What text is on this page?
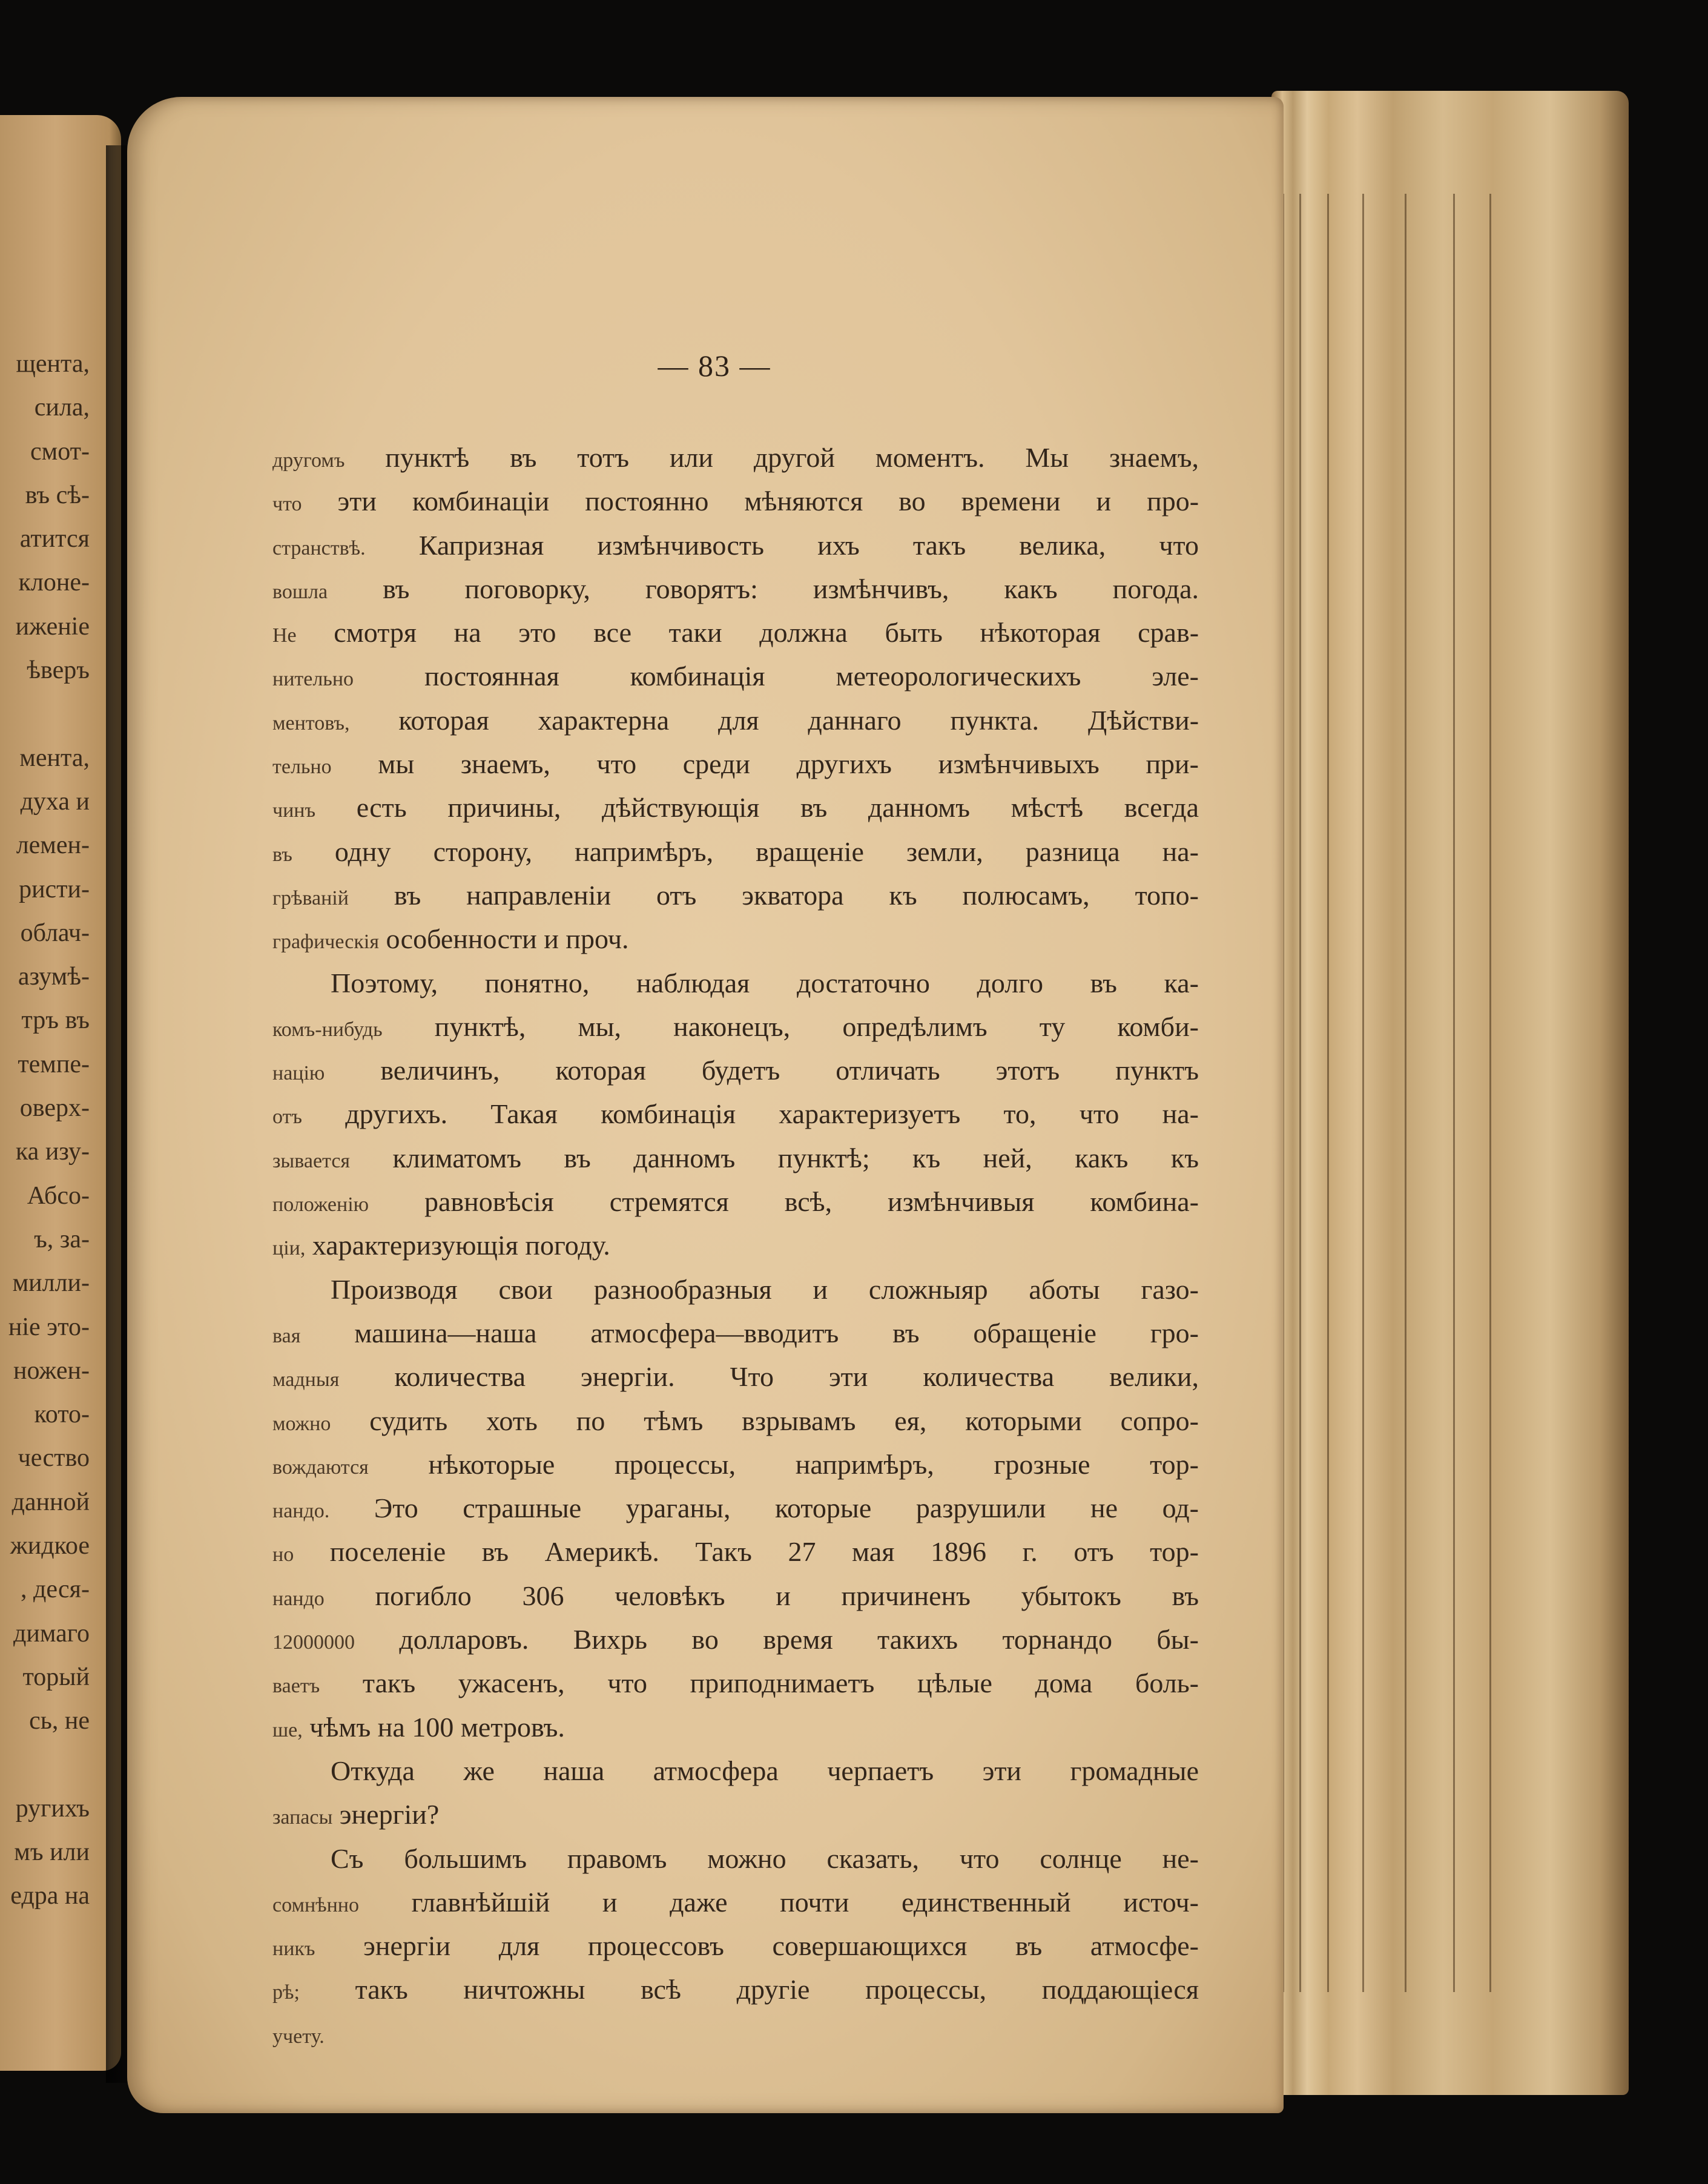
щента,
сила,
смот-
въ сѣ-
атится
клоне-
иженіе
ѣверъ
мента,
духа и
лемен-
ристи-
облач-
азумѣ-
тръ въ
темпе-
оверх-
ка изу-
Абсо-
ъ, за-
милли-
ніе это-
ножен-
кото-
чество
данной
жидкое
, деся-
димаго
торый
сь, не
ругихъ
мъ или
едра на
— 83 —
другомъ пунктѣ въ тотъ или другой моментъ. Мы знаемъ,
что эти комбинаціи постоянно мѣняются во времени и про-
странствѣ. Капризная измѣнчивость ихъ такъ велика, что
вошла въ поговорку, говорятъ: измѣнчивъ, какъ погода.
Не смотря на это все таки должна быть нѣкоторая срав-
нительно	постоянная комбинація метеорологическихъ эле-
ментовъ, которая характерна для даннаго пункта. Дѣйстви-
тельно мы знаемъ, что среди другихъ измѣнчивыхъ при-
чинъ есть причины, дѣйствующія въ данномъ мѣстѣ всегда
въ одну сторону, напримѣръ, вращеніе земли, разница на-
грѣваній въ направленіи отъ экватора къ полюсамъ, топо-
графическія особенности и проч.
Поэтому, понятно, наблюдая достаточно долго въ ка-
комъ-нибудь пунктѣ, мы, наконецъ, опредѣлимъ ту комби-
націю величинъ, которая будетъ отличать этотъ пунктъ
отъ другихъ. Такая комбинація характеризуетъ то, что на-
зывается климатомъ въ данномъ пунктѣ; къ ней, какъ къ
положенію равновѣсія стремятся всѣ, измѣнчивыя комбина-
ціи, характеризующія погоду.
Производя свои разнообразныя и сложныяр аботы газо-
вая машина—наша атмосфера—вводитъ въ обращеніе гро-
мадныя количества энергіи. Что эти количества велики,
можно судить хоть по тѣмъ взрывамъ ея, которыми сопро-
вождаются нѣкоторые процессы, напримѣръ, грозные тор-
нандо. Это страшные ураганы, которые разрушили не од-
но поселеніе въ Америкѣ. Такъ 27 мая 1896 г. отъ тор-
нандо погибло 306 человѣкъ и причиненъ убытокъ въ
12000000 долларовъ. Вихрь во время такихъ торнандо бы-
ваетъ такъ ужасенъ, что приподнимаетъ цѣлые дома боль-
ше, чѣмъ на 100 метровъ.
Откуда же наша атмосфера черпаетъ эти громадные
запасы энергіи?
Съ большимъ правомъ можно сказать, что солнце не-
сомнѣнно главнѣйшій и даже почти единственный источ-
никъ энергіи для процессовъ совершающихся въ атмосфе-
рѣ; такъ ничтожны всѣ другіе процессы, поддающіеся
учету.
